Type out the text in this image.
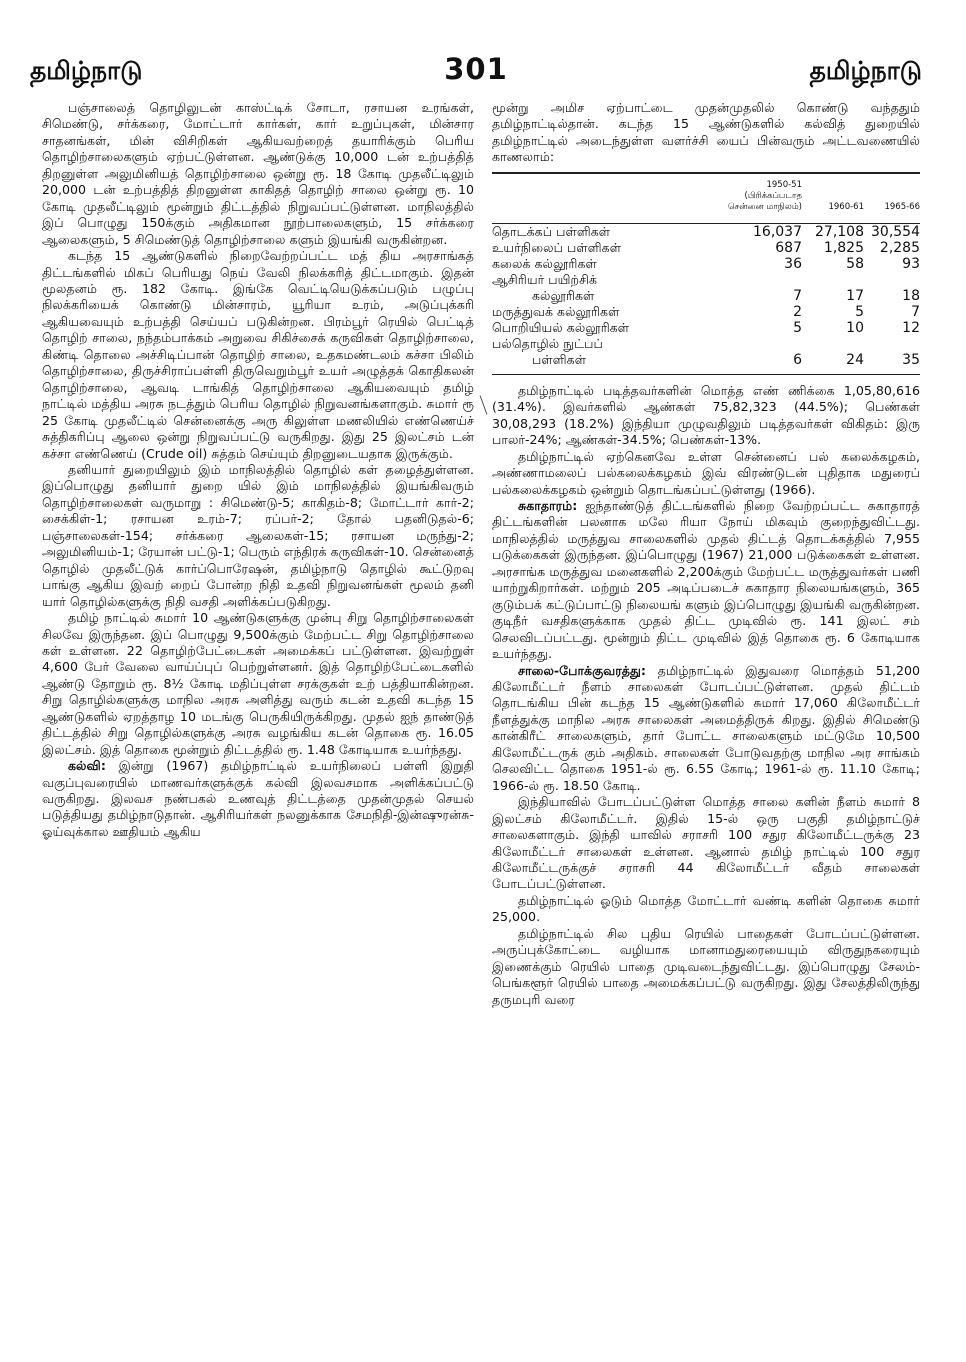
தமிழ்நாடு	301	தமிழ்நாடு

பஞ்சாலைத் தொழிலுடன் காஸ்ட்டிக் சோடா, ரசாயன உரங்கள், சிமெண்டு, சர்க்கரை, மோட்டார் கார்கள், கார் உறுப்புகள், மின்சார சாதனங்கள், மின் விசிறிகள் ஆகியவற்றைத் தயாரிக்கும் பெரிய தொழிற்சாலைகளும் ஏற்பட்டுள்ளன. ஆண்டுக்கு 10,000 டன் உற்பத்தித் திறனுள்ள அலுமினியத் தொழிற்சாலை ஒன்று ரூ. 18 கோடி முதலீட்டிலும் 20,000 டன் உற்பத்தித் திறனுள்ள காகிதத் தொழிற் சாலை ஒன்று ரூ. 10 கோடி முதலீட்டிலும் மூன்றும் திட்டத்தில் நிறுவப்பட்டுள்ளன. மாநிலத்தில் இப் பொழுது 150க்கும் அதிகமான நூற்பாலைகளும், 15 சர்க்கரை ஆலைகளும், 5 சிமெண்டுத் தொழிற்சாலை களும் இயங்கி வருகின்றன.

கடந்த 15 ஆண்டுகளில் நிறைவேற்றப்பட்ட மத் திய அரசாங்கத் திட்டங்களில் மிகப் பெரியது நெய் வேலி நிலக்கரித் திட்டமாகும். இதன் மூலதனம் ரூ. 182 கோடி. இங்கே வெட்டியெடுக்கப்படும் பழுப்பு நிலக்கரியைக் கொண்டு மின்சாரம், யூரியா உரம், அடுப்புக்கரி ஆகியவையும் உற்பத்தி செய்யப் படுகின்றன. பிரம்பூர் ரெயில் பெட்டித் தொழிற் சாலை, நந்தம்பாக்கம் அறுவை சிகிச்சைக் கருவிகள் தொழிற்சாலை, கிண்டி தொலை அச்சிடிப்பான் தொழிற் சாலை, உதகமண்டலம் கச்சா பிலிம் தொழிற்சாலை, திருச்சிராப்பள்ளி திருவெறும்பூர் உயர் அழுத்தக் கொதிகலன் தொழிற்சாலை, ஆவடி டாங்கித் தொழிற்சாலை ஆகியவையும் தமிழ் நாட்டில் மத்திய அரசு நடத்தும் பெரிய தொழில் நிறுவனங்களாகும். சுமார் ரூ 25 கோடி முதலீட்டில் சென்னைக்கு அரு கிலுள்ள மணலியில் எண்ணெய்ச் சுத்திகரிப்பு ஆலை ஒன்று நிறுவப்பட்டு வருகிறது. இது 25 இலட்சம் டன் கச்சா எண்ணெய் (Crude oil) சுத்தம் செய்யும் திறனுடையதாக இருக்கும்.

தனியார் துறையிலும் இம் மாநிலத்தில் தொழில் கள் தழைத்துள்ளன. இப்பொழுது தனியார் துறை யில் இம் மாநிலத்தில் இயங்கிவரும் தொழிற்சாலைகள் வருமாறு : சிமெண்டு-5; காகிதம்-8; மோட்டார் கார்-2; சைக்கிள்-1; ரசாயன உரம்-7; ரப்பர்-2; தோல் பதனிடுதல்-6; பஞ்சாலைகள்-154; சர்க்கரை ஆலைகள்-15; ரசாயன மருந்து-2; அலுமினியம்-1; ரேயான் பட்டு-1; பெரும் எந்திரக் கருவிகள்-10. சென்னைத் தொழில் முதலீட்டுக் கார்ப்பொரேஷன், தமிழ்நாடு தொழில் கூட்டுறவு பாங்கு ஆகிய இவற் றைப் போன்ற நிதி உதவி நிறுவனங்கள் மூலம் தனி யார் தொழில்களுக்கு நிதி வசதி அளிக்கப்படுகிறது.

தமிழ் நாட்டில் சுமார் 10 ஆண்டுகளுக்கு முன்பு சிறு தொழிற்சாலைகள் சிலவே இருந்தன. இப் பொழுது 9,500க்கும் மேற்பட்ட சிறு தொழிற்சாலை கள் உள்ளன. 22 தொழிற்பேட்டைகள் அமைக்கப் பட்டுள்ளன. இவற்றுள் 4,600 பேர் வேலை வாய்ப்புப் பெற்றுள்ளனர். இத் தொழிற்பேட்டைகளில் ஆண்டு தோறும் ரூ. 8½ கோடி மதிப்புள்ள சரக்குகள் உற் பத்தியாகின்றன. சிறு தொழில்களுக்கு மாநில அரசு அளித்து வரும் கடன் உதவி கடந்த 15 ஆண்டுகளில் ஏறத்தாழ 10 மடங்கு பெருகியிருக்கிறது. முதல் ஐந் தாண்டுத் திட்டத்தில் சிறு தொழில்களுக்கு அரசு வழங்கிய கடன் தொகை ரூ. 16.05 இலட்சம். இத் தொகை மூன்றும் திட்டத்தில் ரூ. 1.48 கோடியாக உயர்ந்தது.

கல்வி: இன்று (1967) தமிழ்நாட்டில் உயர்நிலைப் பள்ளி இறுதி வகுப்புவரையில் மாணவர்களுக்குக் கல்வி இலவசமாக அளிக்கப்பட்டு வருகிறது. இலவச நண்பகல் உணவுத் திட்டத்தை முதன்முதல் செயல் படுத்தியது தமிழ்நாடுதான். ஆசிரியர்கள் நலனுக்காக சேமநிதி-இன்ஷுரன்சு-ஓய்வுக்கால ஊதியம் ஆகிய

மூன்று அமிச ஏற்பாட்டை முதன்முதலில் கொண்டு வந்ததும் தமிழ்நாட்டில்தான். கடந்த 15 ஆண்டுகளில் கல்வித் துறையில் தமிழ்நாட்டில் அடைந்துள்ள வளர்ச்சி யைப் பின்வரும் அட்டவணையில் காணலாம்:

	1950-51
(பிரிக்கப்படாத
சென்னை மாநிலம்)	1960-61	1965-66
தொடக்கப் பள்ளிகள்	16,037	27,108	30,554
உயர்நிலைப் பள்ளிகள்	687	1,825	2,285
கலைக் கல்லூரிகள்	36	58	93
ஆசிரியர் பயிற்சிக்			
கல்லூரிகள்	7	17	18
மருத்துவக் கல்லூரிகள்	2	5	7
பொறியியல் கல்லூரிகள்	5	10	12
பல்தொழில் நுட்பப்			
பள்ளிகள்	6	24	35

தமிழ்நாட்டில் படித்தவர்களின் மொத்த எண் ணிக்கை 1,05,80,616 (31.4%). இவர்களில் ஆண்கள் 75,82,323 (44.5%); பெண்கள் 30,08,293 (18.2%) இந்தியா முழுவதிலும் படித்தவர்கள் விகிதம்: இரு பாலர்-24%; ஆண்கள்-34.5%; பெண்கள்-13%.

தமிழ்நாட்டில் ஏற்கெனவே உள்ள சென்னைப் பல் கலைக்கழகம், அண்ணாமலைப் பல்கலைக்கழகம் இவ் விரண்டுடன் புதிதாக மதுரைப் பல்கலைக்கழகம் ஒன்றும் தொடங்கப்பட்டுள்ளது (1966).

சுகாதாரம்: ஐந்தாண்டுத் திட்டங்களில் நிறை வேற்றப்பட்ட சுகாதாரத் திட்டங்களின் பலனாக மலே ரியா நோய் மிகவும் குறைந்துவிட்டது. மாநிலத்தில் மருத்துவ சாலைகளில் முதல் திட்டத் தொடக்கத்தில் 7,955 படுக்கைகள் இருந்தன. இப்பொழுது (1967) 21,000 படுக்கைகள் உள்ளன. அரசாங்க மருத்துவ மனைகளில் 2,200க்கும் மேற்பட்ட மருத்துவர்கள் பணி யாற்றுகிறார்கள். மற்றும் 205 அடிப்படைச் சுகாதார நிலையங்களும், 365 குடும்பக் கட்டுப்பாட்டு நிலையங் களும் இப்பொழுது இயங்கி வருகின்றன. குடிநீர் வசதிகளுக்காக முதல் திட்ட முடிவில் ரூ. 141 இலட் சம் செலவிடப்பட்டது. மூன்றும் திட்ட முடிவில் இத் தொகை ரூ. 6 கோடியாக உயர்ந்தது.

சாலை-போக்குவரத்து: தமிழ்நாட்டில் இதுவரை மொத்தம் 51,200 கிலோமீட்டர் நீளம் சாலைகள் போடப்பட்டுள்ளன. முதல் திட்டம் தொடங்கிய பின் கடந்த 15 ஆண்டுகளில் சுமார் 17,060 கிலோமீட்டர் நீளத்துக்கு மாநில அரசு சாலைகள் அமைத்திருக் கிறது. இதில் சிமெண்டு கான்கிரீட் சாலைகளும், தார் போட்ட சாலைகளும் மட்டுமே 10,500 கிலோமீட்டருக் கும் அதிகம். சாலைகள் போடுவதற்கு மாநில அர சாங்கம் செலவிட்ட தொகை 1951-ல் ரூ. 6.55 கோடி; 1961-ல் ரூ. 11.10 கோடி; 1966-ல் ரூ. 18.50 கோடி.

இந்தியாவில் போடப்பட்டுள்ள மொத்த சாலை களின் நீளம் சுமார் 8 இலட்சம் கிலோமீட்டர். இதில் 15-ல் ஒரு பகுதி தமிழ்நாட்டுச் சாலைகளாகும். இந்தி யாவில் சராசரி 100 சதுர கிலோமீட்டருக்கு 23 கிலோமீட்டர் சாலைகள் உள்ளன. ஆனால் தமிழ் நாட்டில் 100 சதுர கிலோமீட்டருக்குச் சராசரி 44 கிலோமீட்டர் வீதம் சாலைகள் போடப்பட்டுள்ளன.

தமிழ்நாட்டில் ஓடும் மொத்த மோட்டார் வண்டி களின் தொகை சுமார் 25,000.

தமிழ்நாட்டில் சில புதிய ரெயில் பாதைகள் போடப்பட்டுள்ளன. அருப்புக்கோட்டை வழியாக மானாமதுரையையும் விருதுநகரையும் இணைக்கும் ரெயில் பாதை முடிவடைந்துவிட்டது. இப்பொழுது சேலம்-பெங்களூர் ரெயில் பாதை அமைக்கப்பட்டு வருகிறது. இது சேலத்திலிருந்து தருமபுரி வரை
